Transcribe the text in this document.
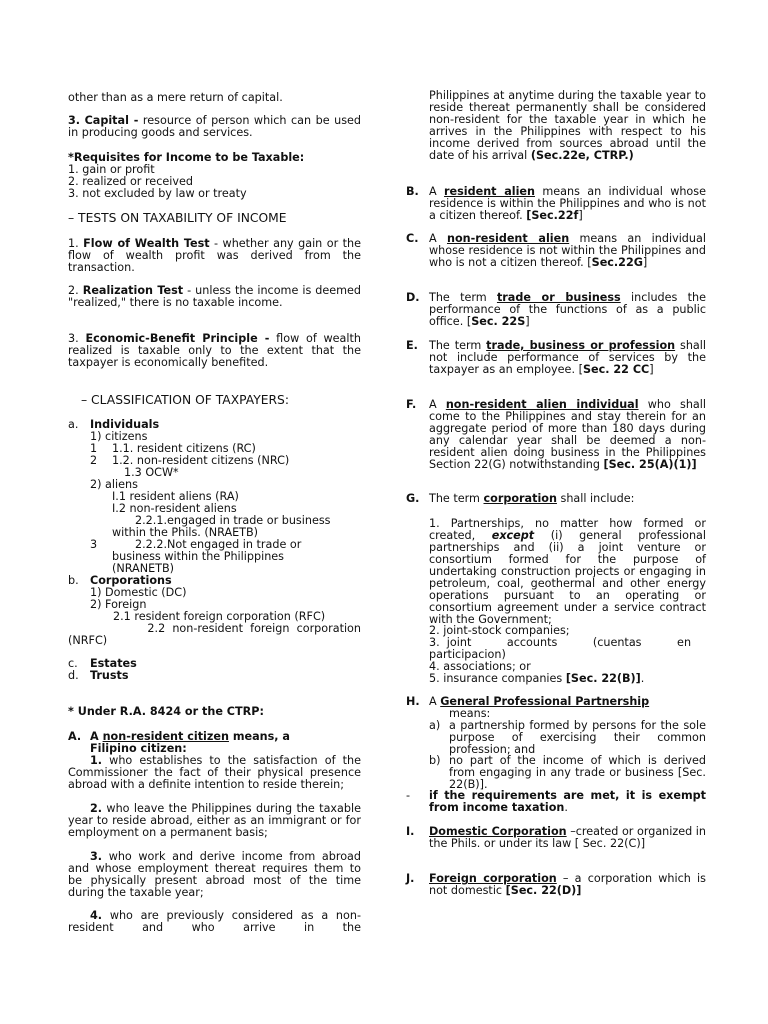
other than as a mere return of capital.

3. Capital - resource of person which can be used in producing goods and services.

*Requisites for Income to be Taxable:

1. gain or profit

2. realized or received

3. not excluded by law or treaty

– TESTS ON TAXABILITY OF INCOME

1. Flow of Wealth Test - whether any gain or the flow of wealth profit was derived from the transaction.

2. Realization Test - unless the income is deemed "realized," there is no taxable income.

3. Economic-Benefit Principle - flow of wealth realized is taxable only to the extent that the taxpayer is economically benefited.

– CLASSIFICATION OF TAXPAYERS:

a. Individuals
1) citizens
1 1.1. resident citizens (RC)
2 1.2. non-resident citizens (NRC)
1.3 OCW*
2) aliens
I.1 resident aliens (RA)
I.2 non-resident aliens
2.2.1.engaged in trade or business
within the Phils. (NRAETB)
3	2.2.2.Not engaged in trade or
business within the Philippines
(NRANETB)
b. Corporations
1) Domestic (DC)
2) Foreign
2.1 resident foreign corporation (RFC)
2.2  non-resident  foreign  corporation
(NRFC)
c. Estates
d. Trusts

* Under R.A. 8424 or the CTRP:

A. A non-resident citizen means, a
Filipino citizen:
1. who establishes to the satisfaction of the Commissioner the fact of their physical presence abroad with a definite intention to reside therein;
2. who leave the Philippines during the taxable year to reside abroad, either as an immigrant or for employment on a permanent basis;
3. who work and derive income from abroad and whose employment thereat requires them to be physically present abroad most of the time during the taxable year;
4. who are previously considered as a non-resident and who arrive in the
Philippines at anytime during the taxable year to reside thereat permanently shall be considered non-resident for the taxable year in which he arrives in the Philippines with respect to his income derived from sources abroad until the date of his arrival (Sec.22e, CTRP.)
B. A resident alien means an individual whose residence is within the Philippines and who is not a citizen thereof. [Sec.22f]
C. A non-resident alien means an individual whose residence is not within the Philippines and who is not a citizen thereof. [Sec.22G]
D. The term trade or business includes the performance of the functions of as a public office. [Sec. 22S]
E. The term trade, business or profession shall not include performance of services by the taxpayer as an employee. [Sec. 22 CC]
F. A non-resident alien individual who shall come to the Philippines and stay therein for an aggregate period of more than 180 days during any calendar year shall be deemed a non-resident alien doing business in the Philippines Section 22(G) notwithstanding [Sec. 25(A)(1)]
G. The term corporation shall include:
1. Partnerships, no matter how formed or created, except (i) general professional partnerships and (ii) a joint venture or consortium formed for the purpose of undertaking construction projects or engaging in petroleum, coal, geothermal and other energy operations pursuant to an operating or consortium agreement under a service contract with the Government;
2. joint-stock companies;
3.  joint          accounts          (cuentas          en
participacion)
4. associations; or
5. insurance companies [Sec. 22(B)].
H. A General Professional Partnership
means:
a) a partnership formed by persons for the sole purpose of exercising their common profession; and
b) no part of the income of which is derived from engaging in any trade or business [Sec. 22(B)].
- if the requirements are met, it is exempt from income taxation.
I. Domestic Corporation –created or organized in the Phils. or under its law [ Sec. 22(C)]
J. Foreign corporation – a corporation which is not domestic [Sec. 22(D)]
